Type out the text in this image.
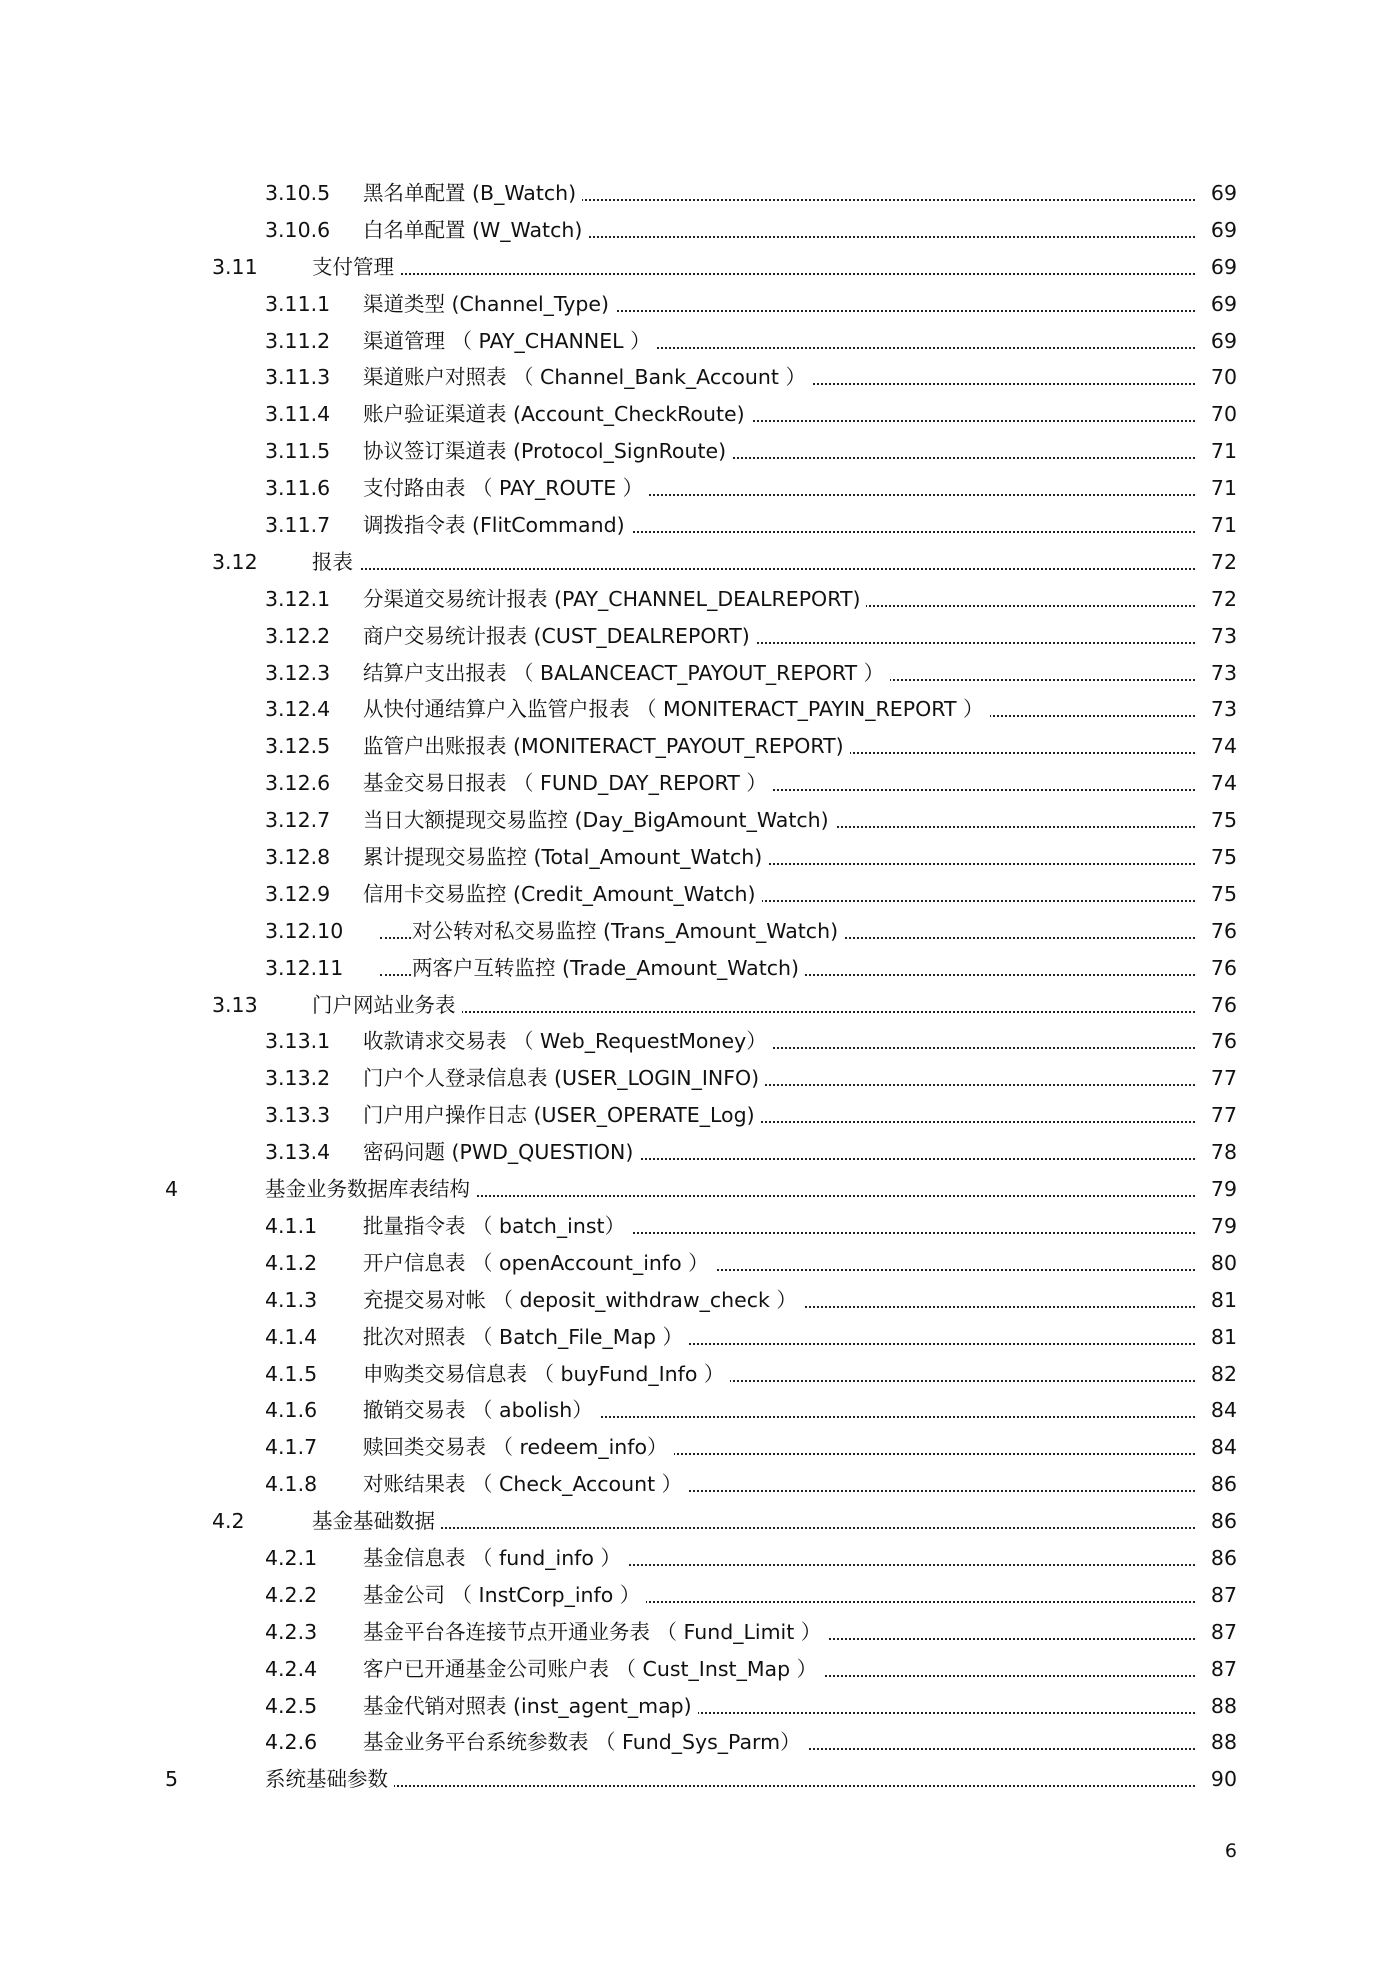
3.10.5 黑名单配置 (B_Watch)	69
3.10.6 白名单配置 (W_Watch)	69
3.11	支付管理	69
3.11.1 渠道类型 (Channel_Type)	69
3.11.2 渠道管理 （ PAY_CHANNEL ）	69
3.11.3 渠道账户对照表 （ Channel_Bank_Account ）	70
3.11.4 账户验证渠道表 (Account_CheckRoute)	70
3.11.5 协议签订渠道表 (Protocol_SignRoute)	71
3.11.6 支付路由表 （ PAY_ROUTE ）	71
3.11.7 调拨指令表 (FlitCommand)	71
3.12	报表	72
3.12.1 分渠道交易统计报表 (PAY_CHANNEL_DEALREPORT)	72
3.12.2 商户交易统计报表 (CUST_DEALREPORT)	73
3.12.3 结算户支出报表 （ BALANCEACT_PAYOUT_REPORT ）	73
3.12.4 从快付通结算户入监管户报表 （ MONITERACT_PAYIN_REPORT ）	73
3.12.5 监管户出账报表 (MONITERACT_PAYOUT_REPORT)	74
3.12.6 基金交易日报表 （ FUND_DAY_REPORT ）	74
3.12.7 当日大额提现交易监控 (Day_BigAmount_Watch)	75
3.12.8 累计提现交易监控 (Total_Amount_Watch)	75
3.12.9 信用卡交易监控 (Credit_Amount_Watch)	75
3.12.10	对公转对私交易监控 (Trans_Amount_Watch)	76
3.12.11	两客户互转监控 (Trade_Amount_Watch)	76
3.13	门户网站业务表	76
3.13.1 收款请求交易表 （ Web_RequestMoney）	76
3.13.2 门户个人登录信息表 (USER_LOGIN_INFO)	77
3.13.3 门户用户操作日志 (USER_OPERATE_Log)	77
3.13.4 密码问题 (PWD_QUESTION)	78
4	基金业务数据库表结构	79
4.1.1 批量指令表 （ batch_inst）	79
4.1.2 开户信息表 （ openAccount_info ）	80
4.1.3 充提交易对帐 （ deposit_withdraw_check ）	81
4.1.4 批次对照表 （ Batch_File_Map ）	81
4.1.5 申购类交易信息表 （ buyFund_Info ）	82
4.1.6 撤销交易表 （ abolish）	84
4.1.7 赎回类交易表 （ redeem_info）	84
4.1.8 对账结果表 （ Check_Account ）	86
4.2	基金基础数据	86
4.2.1 基金信息表 （ fund_info ）	86
4.2.2 基金公司 （ InstCorp_info ）	87
4.2.3 基金平台各连接节点开通业务表 （ Fund_Limit ）	87
4.2.4 客户已开通基金公司账户表 （ Cust_Inst_Map ）	87
4.2.5 基金代销对照表 (inst_agent_map)	88
4.2.6 基金业务平台系统参数表 （ Fund_Sys_Parm）	88
5	系统基础参数	90
6
